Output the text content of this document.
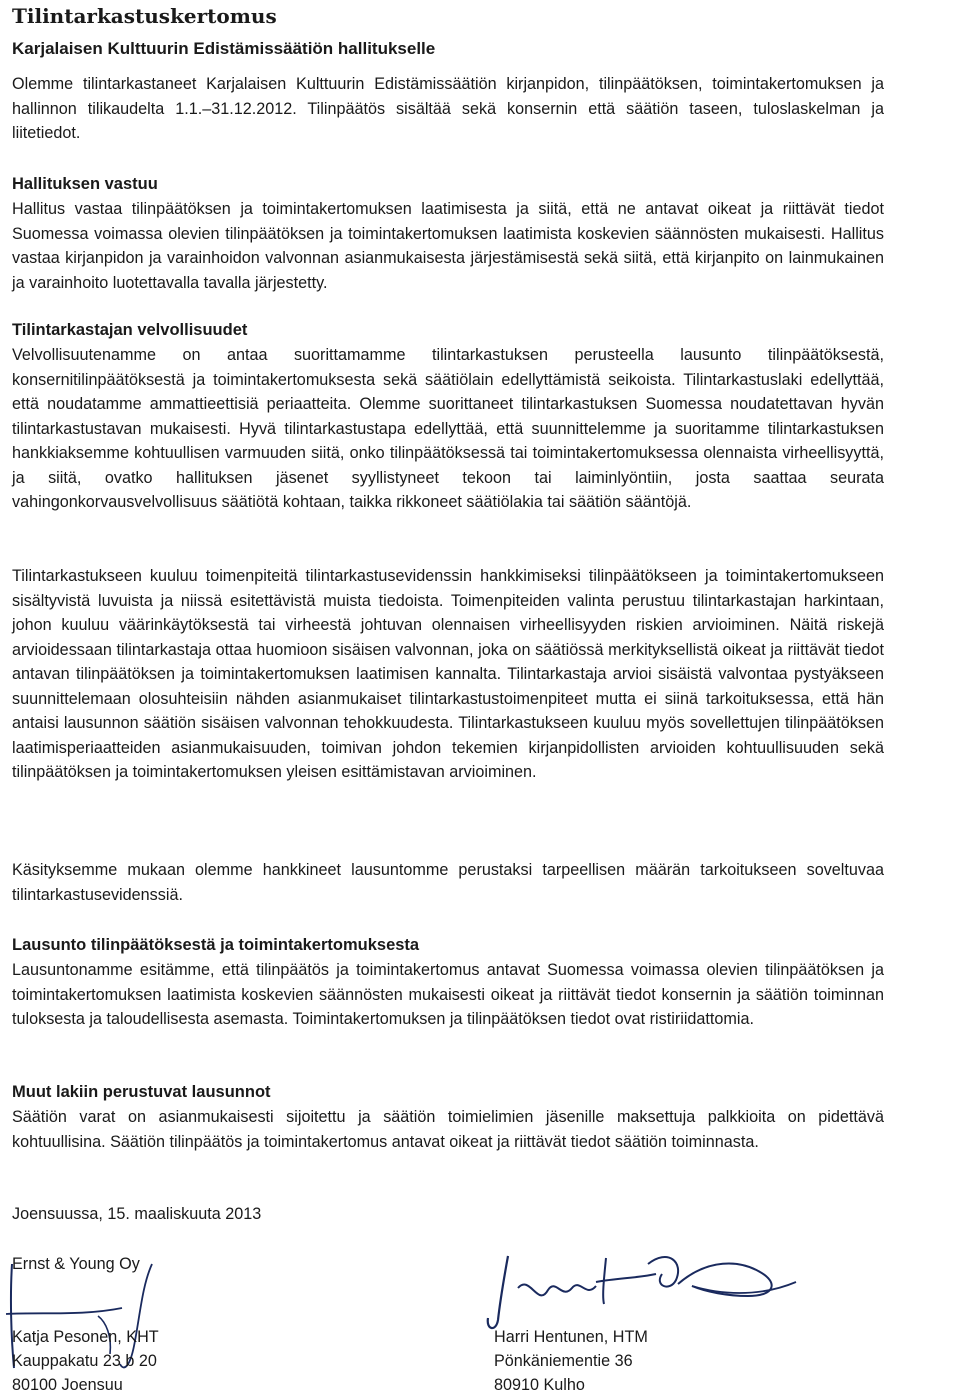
Tilintarkastuskertomus
Karjalaisen Kulttuurin Edistämissäätiön hallitukselle

Olemme tilintarkastaneet Karjalaisen Kulttuurin Edistämissäätiön kirjanpidon, tilinpäätöksen, toimintakertomuksen ja hallinnon tilikaudelta 1.1.–31.12.2012. Tilinpäätös sisältää sekä konsernin että säätiön taseen, tuloslaskelman ja liitetiedot.

Hallituksen vastuu

Hallitus vastaa tilinpäätöksen ja toimintakertomuksen laatimisesta ja siitä, että ne antavat oikeat ja riittävät tiedot Suomessa voimassa olevien tilinpäätöksen ja toimintakertomuksen laatimista koskevien säännösten mukaisesti. Hallitus vastaa kirjanpidon ja varainhoidon valvonnan asianmukaisesta järjestämisestä sekä siitä, että kirjanpito on lainmukainen ja varainhoito luotettavalla tavalla järjestetty.

Tilintarkastajan velvollisuudet

Velvollisuutenamme on antaa suorittamamme tilintarkastuksen perusteella lausunto tilinpäätöksestä, konsernitilinpäätöksestä ja toimintakertomuksesta sekä säätiölain edellyttämistä seikoista. Tilintarkastuslaki edellyttää, että noudatamme ammattieettisiä periaatteita. Olemme suorittaneet tilintarkastuksen Suomessa noudatettavan hyvän tilintarkastustavan mukaisesti. Hyvä tilintarkastustapa edellyttää, että suunnittelemme ja suoritamme tilintarkastuksen hankkiaksemme kohtuullisen varmuuden siitä, onko tilinpäätöksessä tai toimintakertomuksessa olennaista virheellisyyttä, ja siitä, ovatko hallituksen jäsenet syyllistyneet tekoon tai laiminlyöntiin, josta saattaa seurata vahingonkorvausvelvollisuus säätiötä kohtaan, taikka rikkoneet säätiölakia tai säätiön sääntöjä.

Tilintarkastukseen kuuluu toimenpiteitä tilintarkastusevidenssin hankkimiseksi tilinpäätökseen ja toimintakertomukseen sisältyvistä luvuista ja niissä esitettävistä muista tiedoista. Toimenpiteiden valinta perustuu tilintarkastajan harkintaan, johon kuuluu väärinkäytöksestä tai virheestä johtuvan olennaisen virheellisyyden riskien arvioiminen. Näitä riskejä arvioidessaan tilintarkastaja ottaa huomioon sisäisen valvonnan, joka on säätiössä merkityksellistä oikeat ja riittävät tiedot antavan tilinpäätöksen ja toimintakertomuksen laatimisen kannalta. Tilintarkastaja arvioi sisäistä valvontaa pystyäkseen suunnittelemaan olosuhteisiin nähden asianmukaiset tilintarkastustoimenpiteet mutta ei siinä tarkoituksessa, että hän antaisi lausunnon säätiön sisäisen valvonnan tehokkuudesta. Tilintarkastukseen kuuluu myös sovellettujen tilinpäätöksen laatimisperiaatteiden asianmukaisuuden, toimivan johdon tekemien kirjanpidollisten arvioiden kohtuullisuuden sekä tilinpäätöksen ja toimintakertomuksen yleisen esittämistavan arvioiminen.

Käsityksemme mukaan olemme hankkineet lausuntomme perustaksi tarpeellisen määrän tarkoitukseen soveltuvaa tilintarkastusevidenssiä.

Lausunto tilinpäätöksestä ja toimintakertomuksesta

Lausuntonamme esitämme, että tilinpäätös ja toimintakertomus antavat Suomessa voimassa olevien tilinpäätöksen ja toimintakertomuksen laatimista koskevien säännösten mukaisesti oikeat ja riittävät tiedot konsernin ja säätiön toiminnan tuloksesta ja taloudellisesta asemasta. Toimintakertomuksen ja tilinpäätöksen tiedot ovat ristiriidattomia.

Muut lakiin perustuvat lausunnot

Säätiön varat on asianmukaisesti sijoitettu ja säätiön toimielimien jäsenille maksettuja palkkioita on pidettävä kohtuullisina. Säätiön tilinpäätös ja toimintakertomus antavat oikeat ja riittävät tiedot säätiön toiminnasta.

Joensuussa, 15. maaliskuuta 2013
Ernst & Young Oy
Katja Pesonen, KHT
Kauppakatu 23 b 20
80100 Joensuu
Harri Hentunen, HTM
Pönkäniementie 36
80910 Kulho
